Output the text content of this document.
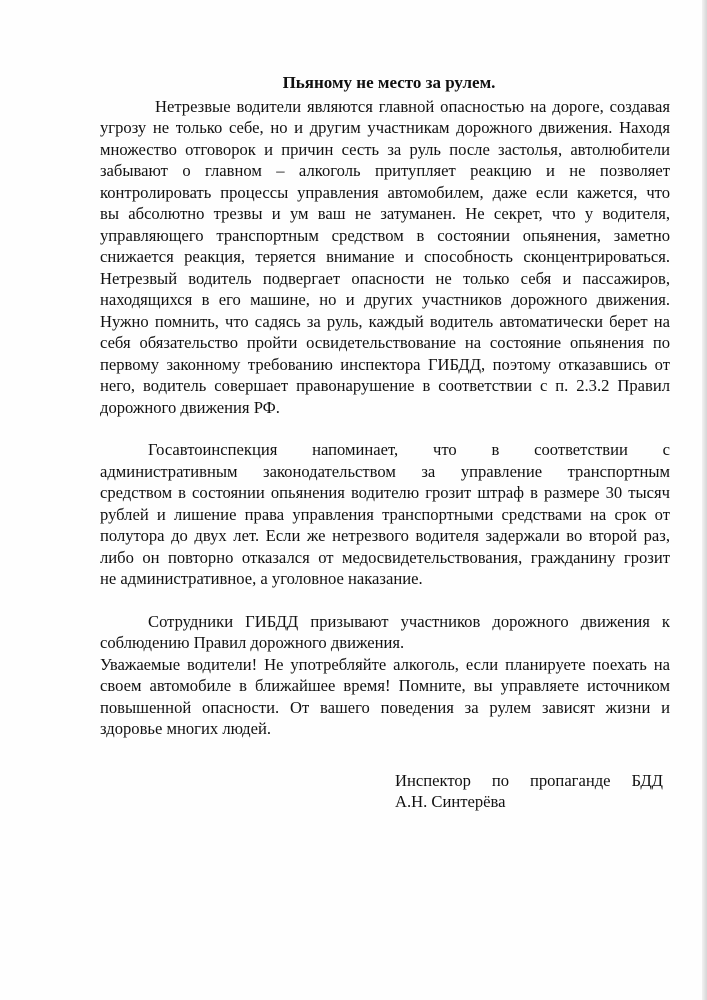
Пьяному не место за рулем.
Нетрезвые водители являются главной опасностью на дороге, создавая
угрозу не только себе, но и другим участникам дорожного движения. Находя
множество отговорок и причин сесть за руль после застолья, автолюбители
забывают о главном – алкоголь притупляет реакцию и не позволяет
контролировать процессы управления автомобилем, даже если кажется, что
вы абсолютно трезвы и ум ваш не затуманен. Не секрет, что у водителя,
управляющего транспортным средством в состоянии опьянения, заметно
снижается реакция, теряется внимание и способность сконцентрироваться.
Нетрезвый водитель подвергает опасности не только себя и пассажиров,
находящихся в его машине, но и других участников дорожного движения.
Нужно помнить, что садясь за руль, каждый водитель автоматически берет на
себя обязательство пройти освидетельствование на состояние опьянения по
первому законному требованию инспектора ГИБДД, поэтому отказавшись от
него, водитель совершает правонарушение в соответствии с п. 2.3.2 Правил
дорожного движения РФ.
Госавтоинспекция напоминает, что в соответствии с
административным законодательством за управление транспортным
средством в состоянии опьянения водителю грозит штраф в размере 30 тысяч
рублей и лишение права управления транспортными средствами на срок от
полутора до двух лет. Если же нетрезвого водителя задержали во второй раз,
либо он повторно отказался от медосвидетельствования, гражданину грозит
не административное, а уголовное наказание.
Сотрудники ГИБДД призывают участников дорожного движения к
соблюдению Правил дорожного движения.
Уважаемые водители! Не употребляйте алкоголь, если планируете поехать на
своем автомобиле в ближайшее время! Помните, вы управляете источником
повышенной опасности. От вашего поведения за рулем зависят жизни и
здоровье многих людей.
Инспектор по пропаганде БДД
А.Н. Синтерёва
